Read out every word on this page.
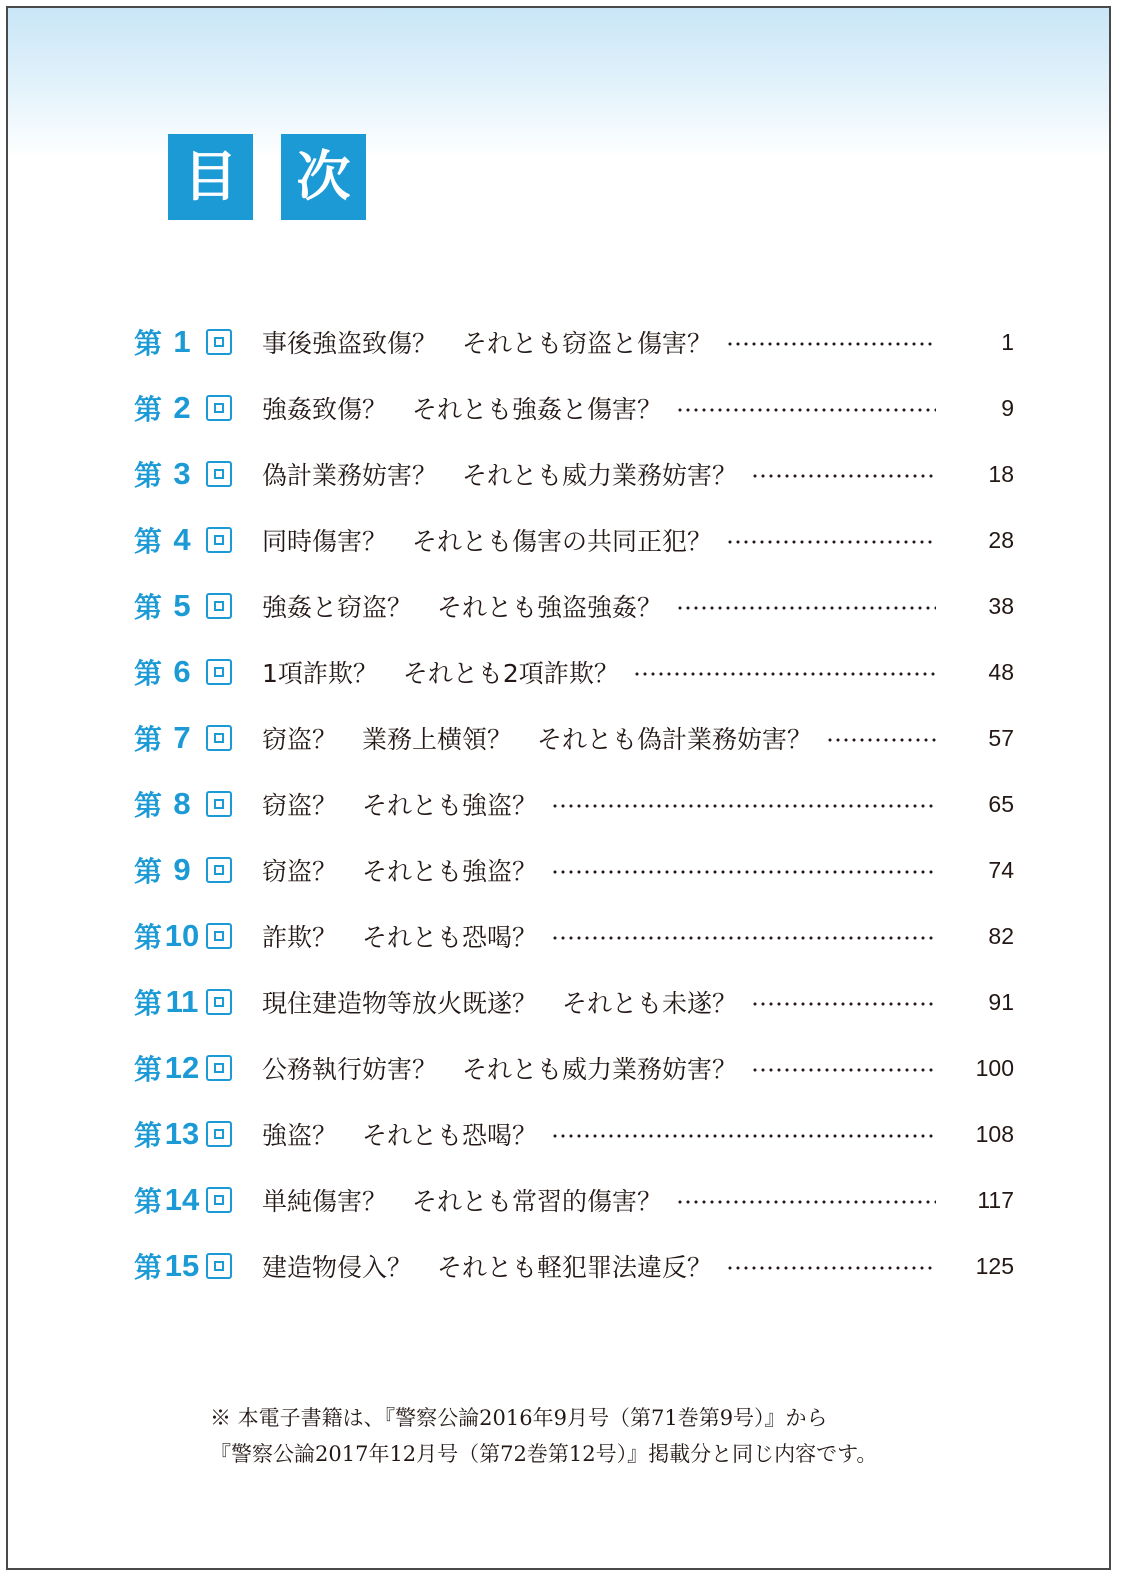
目 次
第 1	事後強盗致傷？　それとも窃盗と傷害？	1
第 2	強姦致傷？　それとも強姦と傷害？	9
第 3	偽計業務妨害？　それとも威力業務妨害？	18
第 4	同時傷害？　それとも傷害の共同正犯？	28
第 5	強姦と窃盗？　それとも強盗強姦？	38
第 6	1項詐欺？　それとも2項詐欺？	48
第 7	窃盗？　業務上横領？　それとも偽計業務妨害？	57
第 8	窃盗？　それとも強盗？	65
第 9	窃盗？　それとも強盗？	74
第 10	詐欺？　それとも恐喝？	82
第 11	現住建造物等放火既遂？　それとも未遂？	91
第 12	公務執行妨害？　それとも威力業務妨害？	100
第 13	強盗？　それとも恐喝？	108
第 14	単純傷害？　それとも常習的傷害？	117
第 15	建造物侵入？　それとも軽犯罪法違反？	125
※ 本電子書籍は、『警察公論2016年9月号（第71巻第9号）』から
『警察公論2017年12月号（第72巻第12号）』掲載分と同じ内容です。
